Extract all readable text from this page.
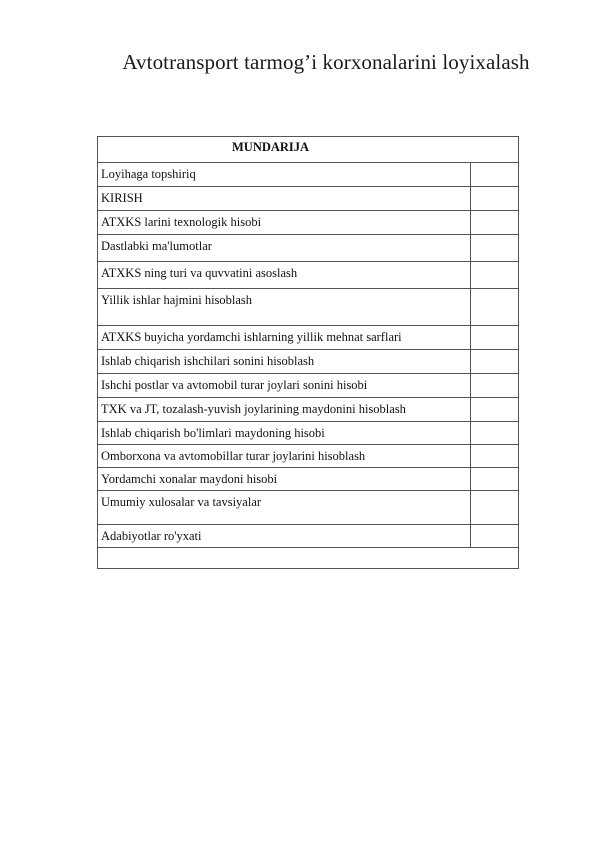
Avtotransport tarmog’i korxonalarini loyixalash
MUNDARIJA
Loyihaga topshiriq
KIRISH
ATXKS larini texnologik hisobi
Dastlabki ma'lumotlar
ATXKS ning turi va quvvatini asoslash
Yillik ishlar hajmini hisoblash
ATXKS buyicha yordamchi ishlarning yillik mehnat sarflari
Ishlab chiqarish ishchilari sonini hisoblash
Ishchi postlar va avtomobil turar joylari sonini hisobi
TXK va JT, tozalash-yuvish joylarining maydonini hisoblash
Ishlab chiqarish bo'limlari maydoning hisobi
Omborxona va avtomobillar turar joylarini hisoblash
Yordamchi xonalar maydoni hisobi
Umumiy xulosalar va tavsiyalar
Adabiyotlar ro'yxati
